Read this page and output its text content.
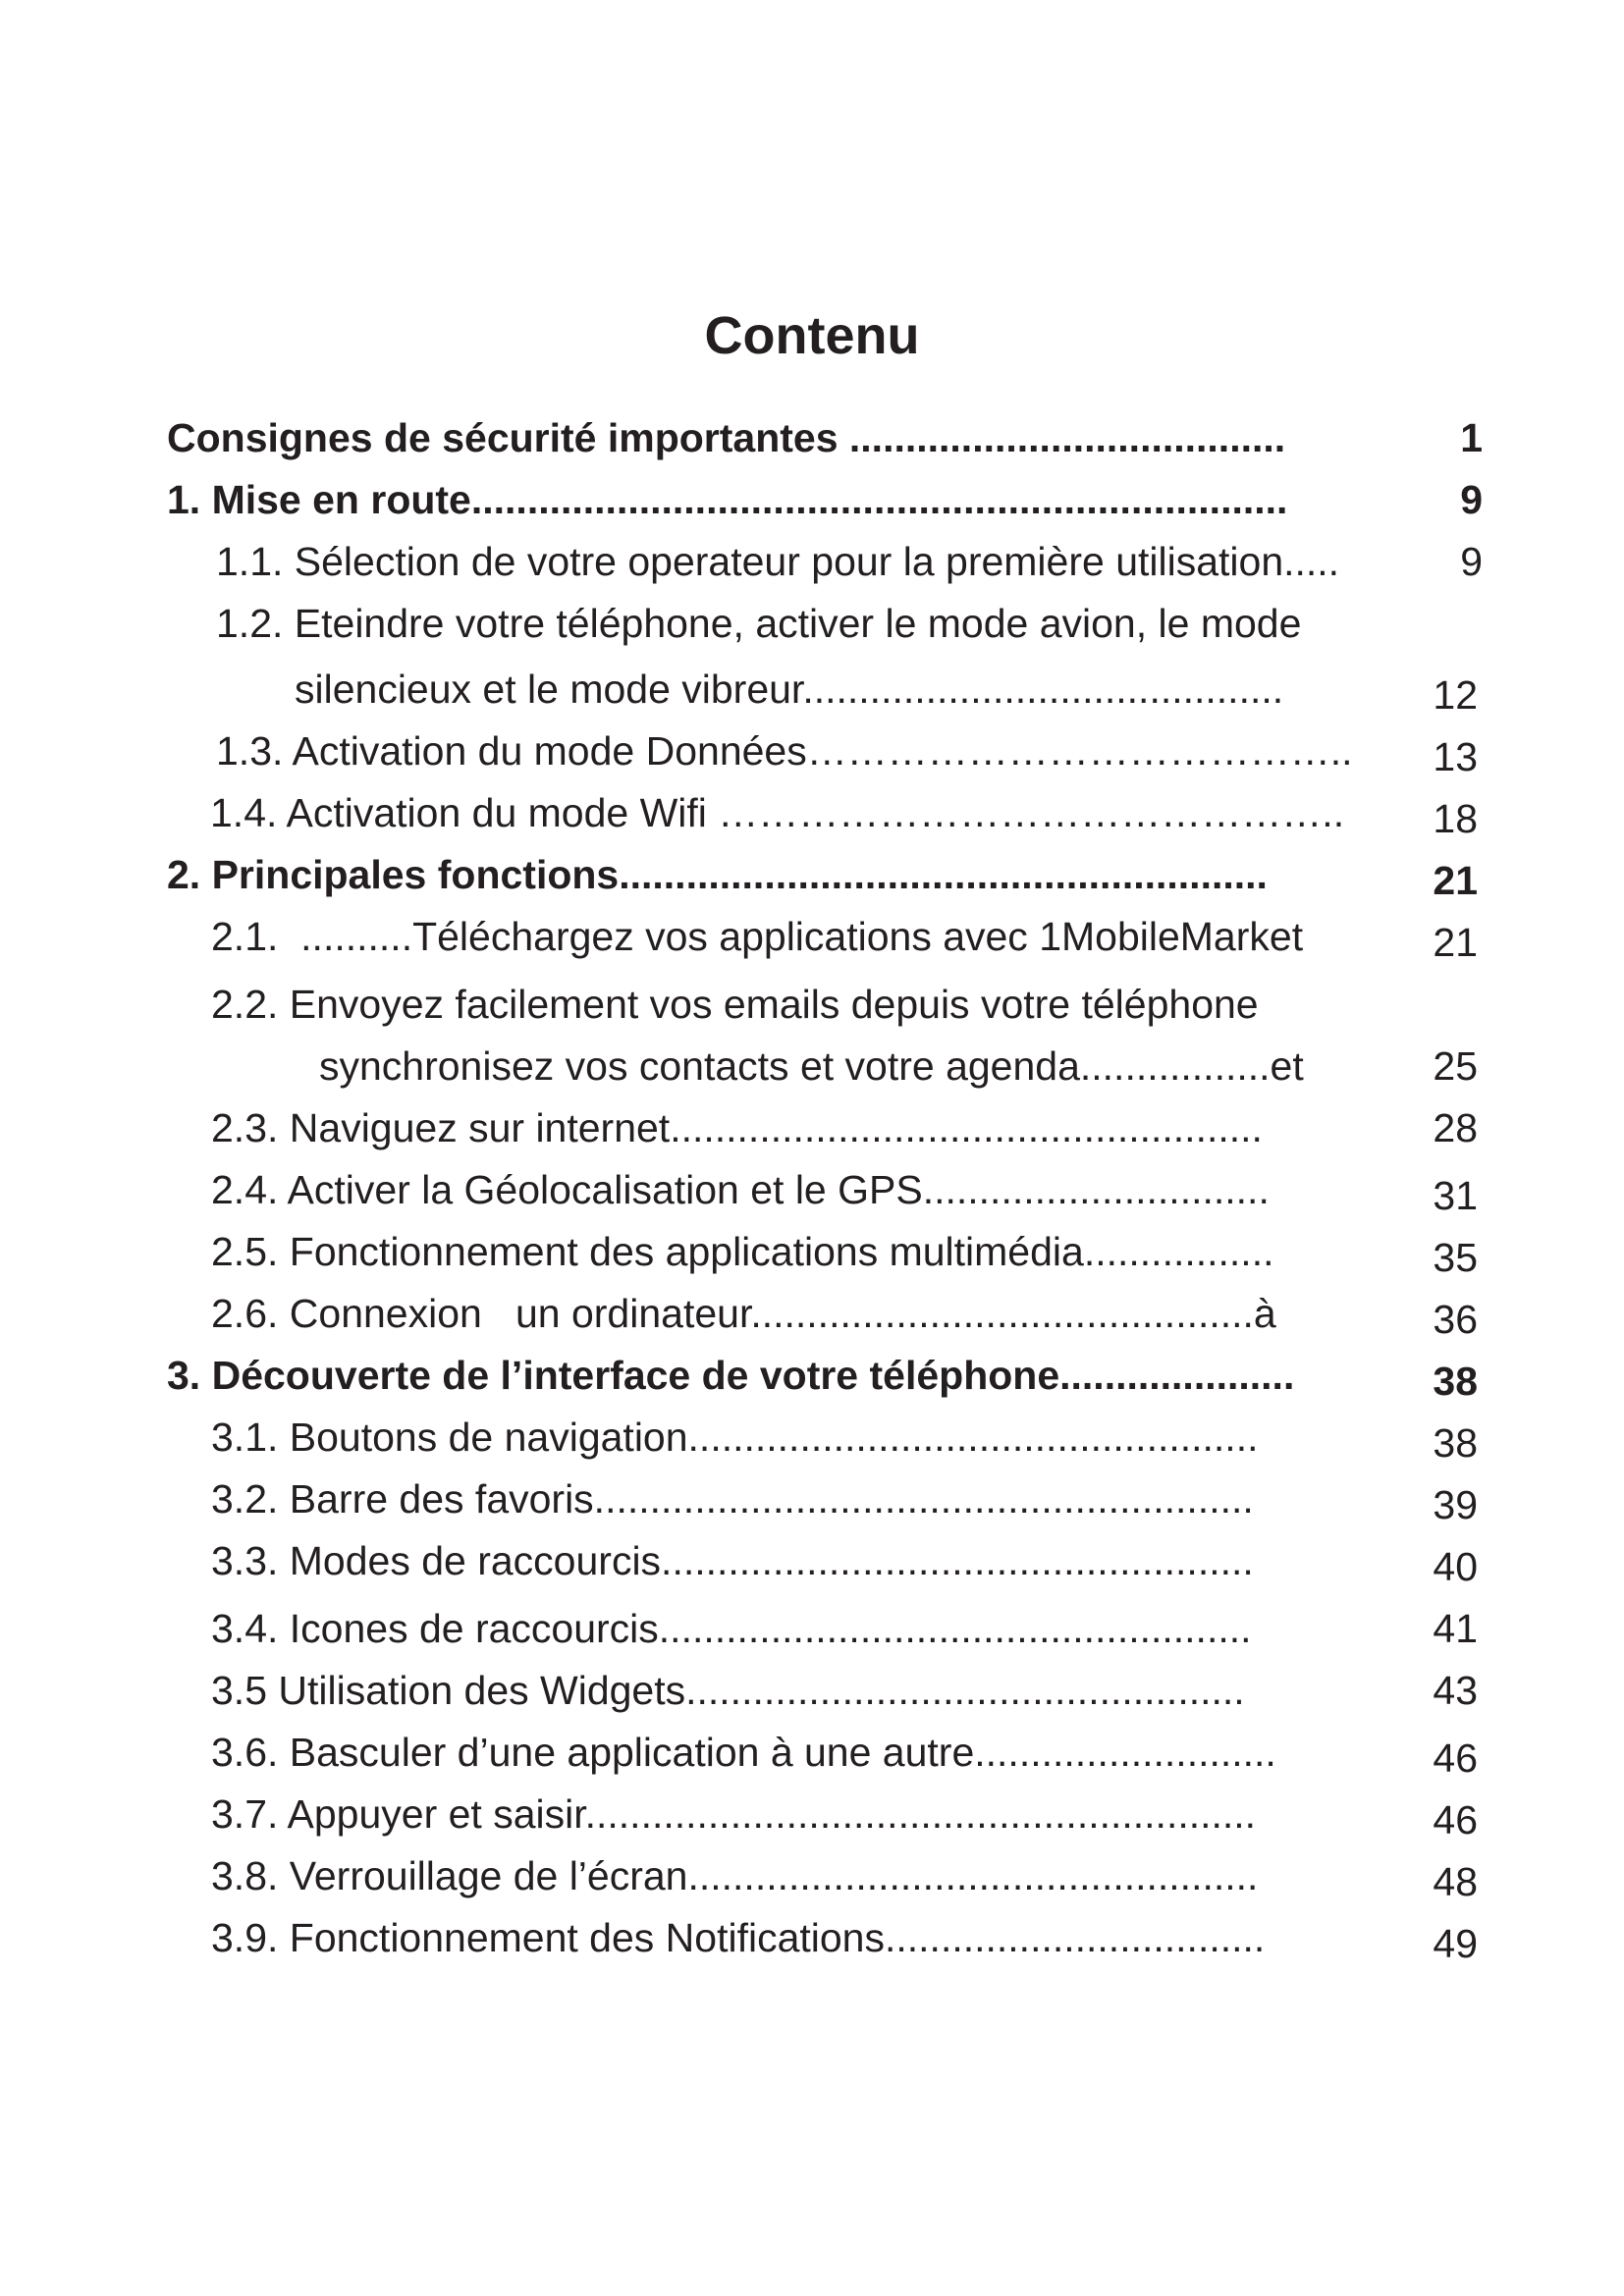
Contenu
Consignes de sécurité importantes .......................................	1
1. Mise en route.........................................................................	9
1.1. Sélection de votre operateur pour la première utilisation.....	9
1.2. Eteindre votre téléphone, activer le mode avion, le mode
silencieux et le mode vibreur...........................................	12
1.3. Activation du mode Données…………………………………..	13
1.4. Activation du mode Wifi ………………………………………..	18
2. Principales fonctions..........................................................	21
2.1.  ..........Téléchargez vos applications avec 1MobileMarket	21
2.2. Envoyez facilement vos emails depuis votre téléphone
synchronisez vos contacts et votre agenda.................et	25
2.3. Naviguez sur internet.....................................................	28
2.4. Activer la Géolocalisation et le GPS...............................	31
2.5. Fonctionnement des applications multimédia.................	35
2.6. Connexion   un ordinateur.............................................à	36
3. Découverte de l’interface de votre téléphone.....................	38
3.1. Boutons de navigation...................................................	38
3.2. Barre des favoris...........................................................	39
3.3. Modes de raccourcis.....................................................	40
3.4. Icones de raccourcis.....................................................	41
3.5 Utilisation des Widgets..................................................	43
3.6. Basculer d’une application à une autre...........................	46
3.7. Appuyer et saisir............................................................	46
3.8. Verrouillage de l’écran...................................................	48
3.9. Fonctionnement des Notifications..................................	49
